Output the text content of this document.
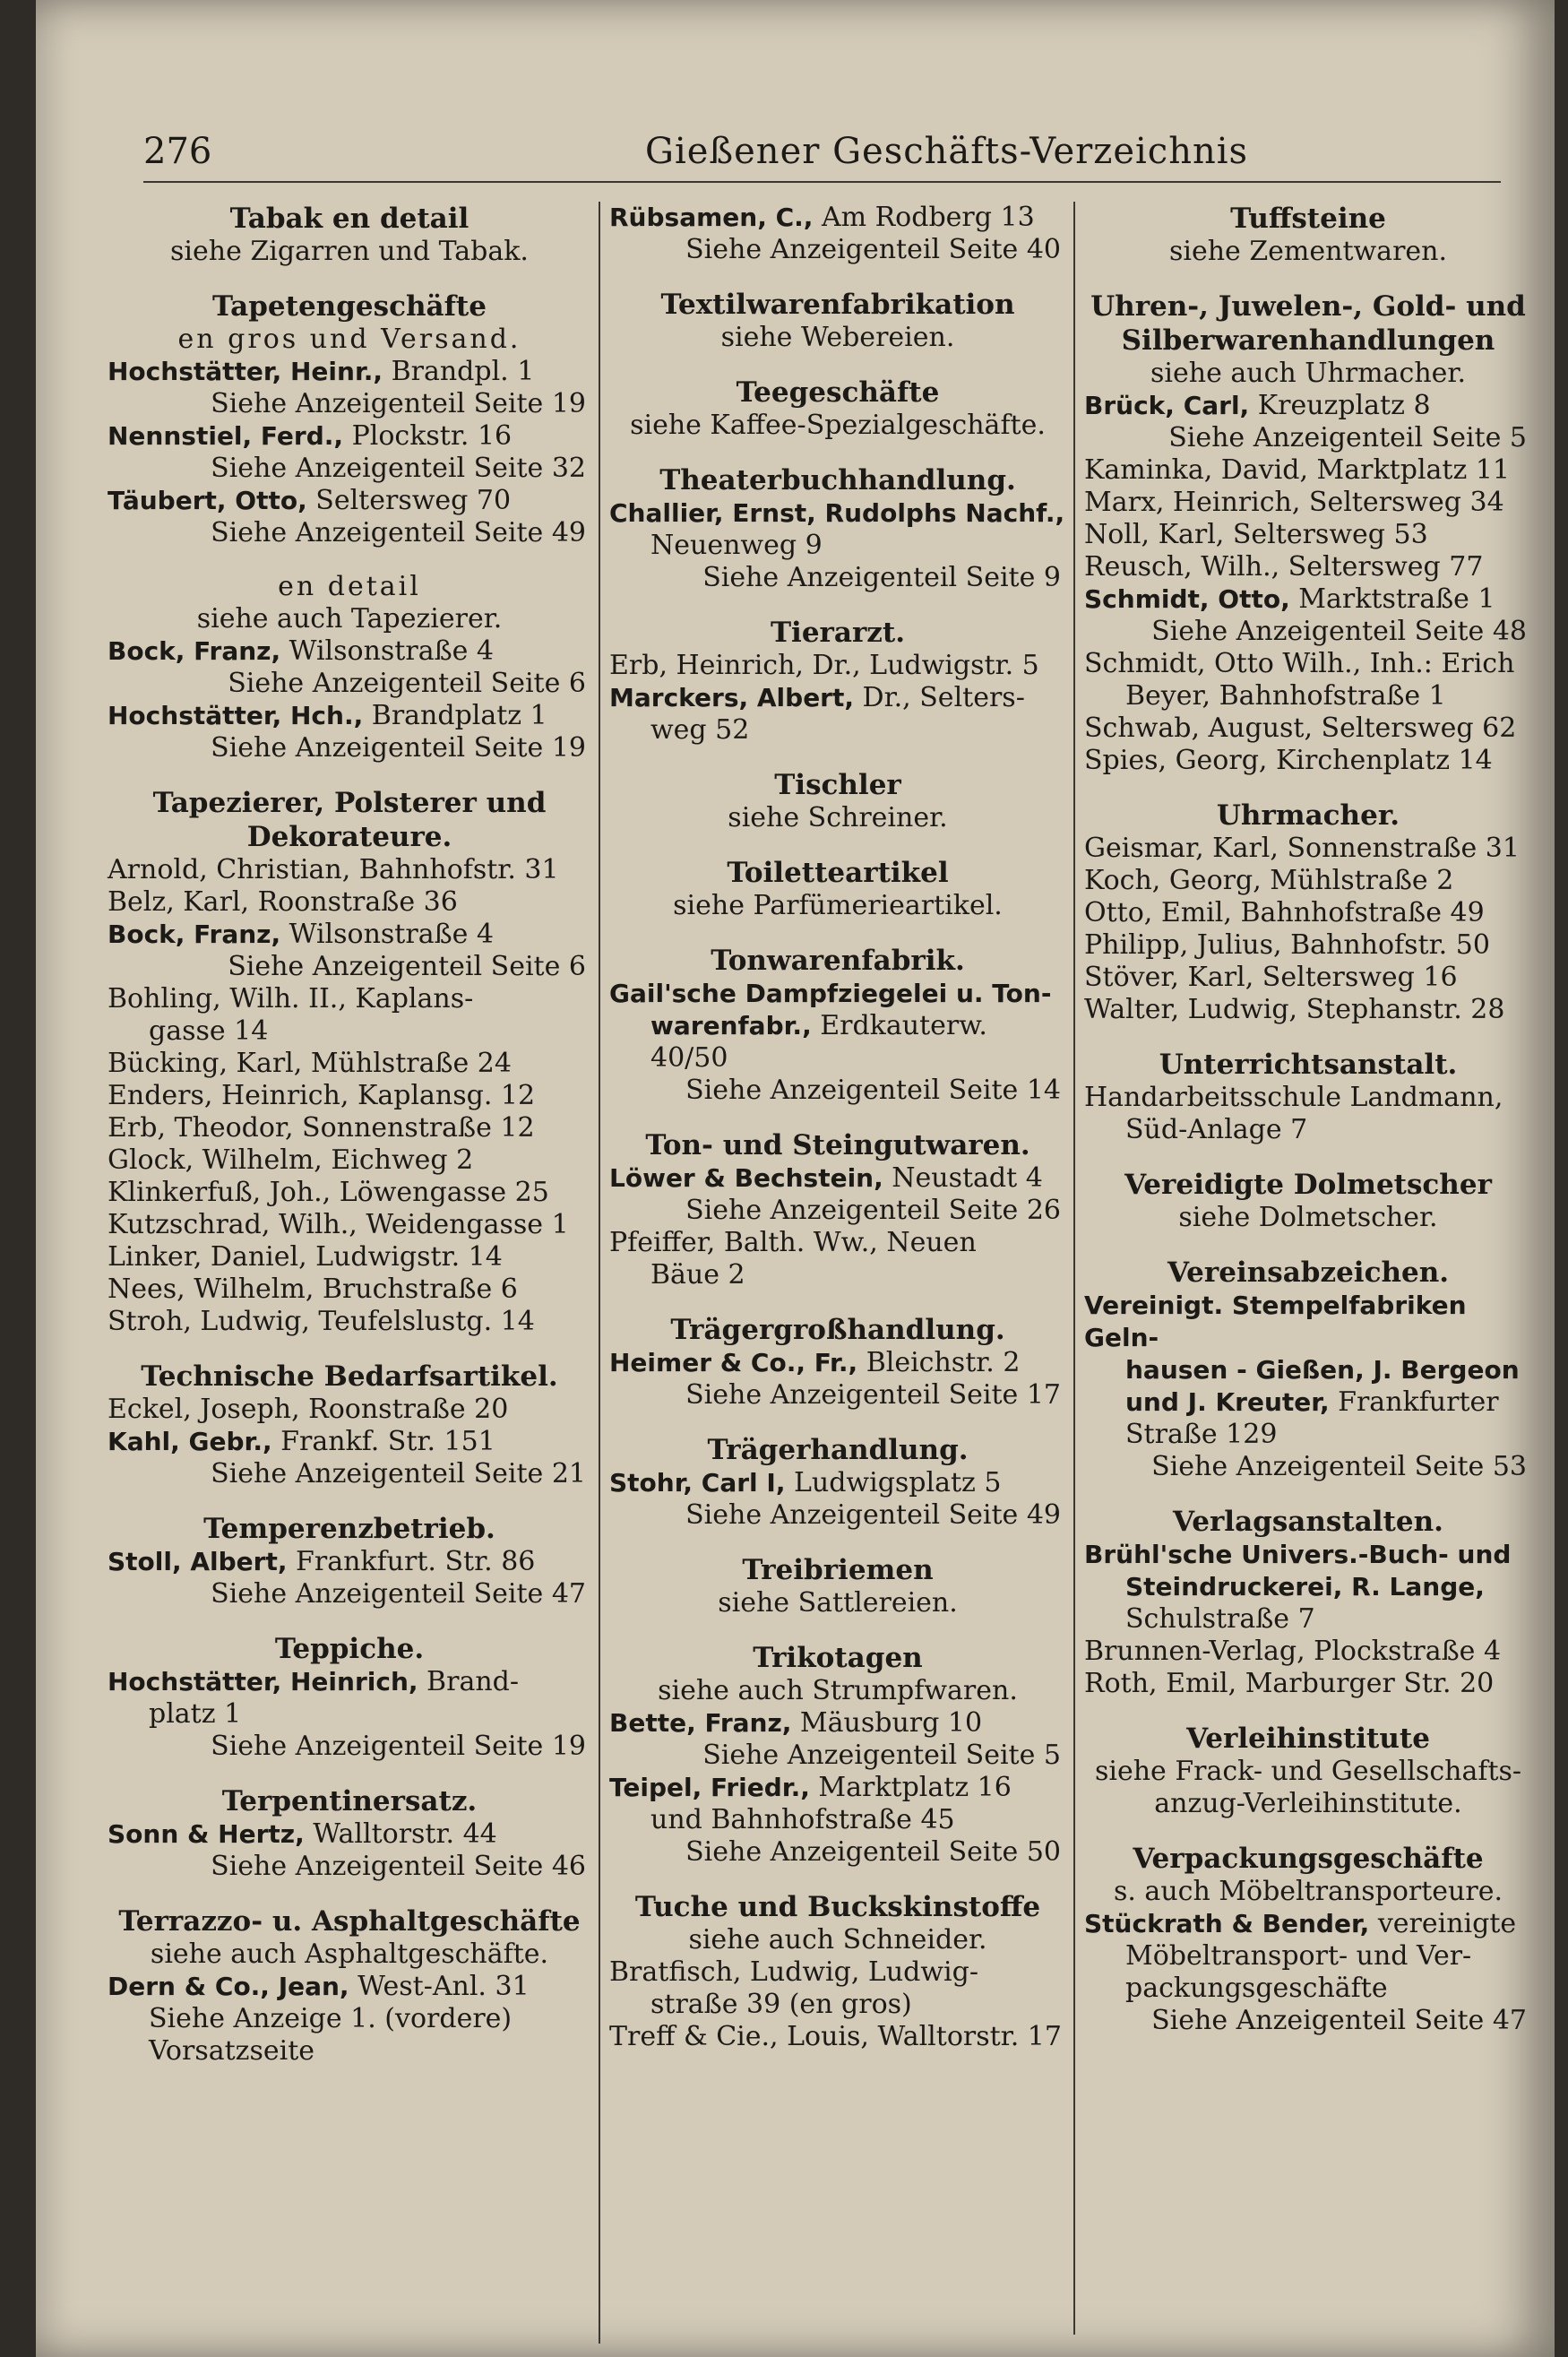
276	Gießener Geschäfts-Verzeichnis
Tabak en detail
siehe Zigarren und Tabak.
Tapetengeschäfte
en gros und Versand.
Hochstätter, Heinr., Brandpl. 1
Siehe Anzeigenteil Seite 19
Nennstiel, Ferd., Plockstr. 16
Siehe Anzeigenteil Seite 32
Täubert, Otto, Seltersweg 70
Siehe Anzeigenteil Seite 49
en detail
siehe auch Tapezierer.
Bock, Franz, Wilsonstraße 4
Siehe Anzeigenteil Seite 6
Hochstätter, Hch., Brandplatz 1
Siehe Anzeigenteil Seite 19
Tapezierer, Polsterer und
Dekorateure.
Arnold, Christian, Bahnhofstr. 31
Belz, Karl, Roonstraße 36
Bock, Franz, Wilsonstraße 4
Siehe Anzeigenteil Seite 6
Bohling, Wilh. II., Kaplans-
gasse 14
Bücking, Karl, Mühlstraße 24
Enders, Heinrich, Kaplansg. 12
Erb, Theodor, Sonnenstraße 12
Glock, Wilhelm, Eichweg 2
Klinkerfuß, Joh., Löwengasse 25
Kutzschrad, Wilh., Weidengasse 1
Linker, Daniel, Ludwigstr. 14
Nees, Wilhelm, Bruchstraße 6
Stroh, Ludwig, Teufelslustg. 14
Technische Bedarfsartikel.
Eckel, Joseph, Roonstraße 20
Kahl, Gebr., Frankf. Str. 151
Siehe Anzeigenteil Seite 21
Temperenzbetrieb.
Stoll, Albert, Frankfurt. Str. 86
Siehe Anzeigenteil Seite 47
Teppiche.
Hochstätter, Heinrich, Brand-
platz 1
Siehe Anzeigenteil Seite 19
Terpentinersatz.
Sonn & Hertz, Walltorstr. 44
Siehe Anzeigenteil Seite 46
Terrazzo- u. Asphaltgeschäfte
siehe auch Asphaltgeschäfte.
Dern & Co., Jean, West-Anl. 31
Siehe Anzeige 1. (vordere)
Vorsatzseite
Rübsamen, C., Am Rodberg 13
Siehe Anzeigenteil Seite 40
Textilwarenfabrikation
siehe Webereien.
Teegeschäfte
siehe Kaffee-Spezialgeschäfte.
Theaterbuchhandlung.
Challier, Ernst, Rudolphs Nachf.,
Neuenweg 9
Siehe Anzeigenteil Seite 9
Tierarzt.
Erb, Heinrich, Dr., Ludwigstr. 5
Marckers, Albert, Dr., Selters-
weg 52
Tischler
siehe Schreiner.
Toiletteartikel
siehe Parfümerieartikel.
Tonwarenfabrik.
Gail'sche Dampfziegelei u. Ton-
warenfabr., Erdkauterw. 40/50
Siehe Anzeigenteil Seite 14
Ton- und Steingutwaren.
Löwer & Bechstein, Neustadt 4
Siehe Anzeigenteil Seite 26
Pfeiffer, Balth. Ww., Neuen
Bäue 2
Trägergroßhandlung.
Heimer & Co., Fr., Bleichstr. 2
Siehe Anzeigenteil Seite 17
Trägerhandlung.
Stohr, Carl I, Ludwigsplatz 5
Siehe Anzeigenteil Seite 49
Treibriemen
siehe Sattlereien.
Trikotagen
siehe auch Strumpfwaren.
Bette, Franz, Mäusburg 10
Siehe Anzeigenteil Seite 5
Teipel, Friedr., Marktplatz 16
und Bahnhofstraße 45
Siehe Anzeigenteil Seite 50
Tuche und Buckskinstoffe
siehe auch Schneider.
Bratfisch, Ludwig, Ludwig-
straße 39 (en gros)
Treff & Cie., Louis, Walltorstr. 17
Tuffsteine
siehe Zementwaren.
Uhren-, Juwelen-, Gold- und
Silberwarenhandlungen
siehe auch Uhrmacher.
Brück, Carl, Kreuzplatz 8
Siehe Anzeigenteil Seite 5
Kaminka, David, Marktplatz 11
Marx, Heinrich, Seltersweg 34
Noll, Karl, Seltersweg 53
Reusch, Wilh., Seltersweg 77
Schmidt, Otto, Marktstraße 1
Siehe Anzeigenteil Seite 48
Schmidt, Otto Wilh., Inh.: Erich
Beyer, Bahnhofstraße 1
Schwab, August, Seltersweg 62
Spies, Georg, Kirchenplatz 14
Uhrmacher.
Geismar, Karl, Sonnenstraße 31
Koch, Georg, Mühlstraße 2
Otto, Emil, Bahnhofstraße 49
Philipp, Julius, Bahnhofstr. 50
Stöver, Karl, Seltersweg 16
Walter, Ludwig, Stephanstr. 28
Unterrichtsanstalt.
Handarbeitsschule Landmann,
Süd-Anlage 7
Vereidigte Dolmetscher
siehe Dolmetscher.
Vereinsabzeichen.
Vereinigt. Stempelfabriken Geln-
hausen - Gießen, J. Bergeon
und J. Kreuter, Frankfurter
Straße 129
Siehe Anzeigenteil Seite 53
Verlagsanstalten.
Brühl'sche Univers.-Buch- und
Steindruckerei, R. Lange,
Schulstraße 7
Brunnen-Verlag, Plockstraße 4
Roth, Emil, Marburger Str. 20
Verleihinstitute
siehe Frack- und Gesellschafts-
anzug-Verleihinstitute.
Verpackungsgeschäfte
s. auch Möbeltransporteure.
Stückrath & Bender, vereinigte
Möbeltransport- und Ver-
packungsgeschäfte
Siehe Anzeigenteil Seite 47
